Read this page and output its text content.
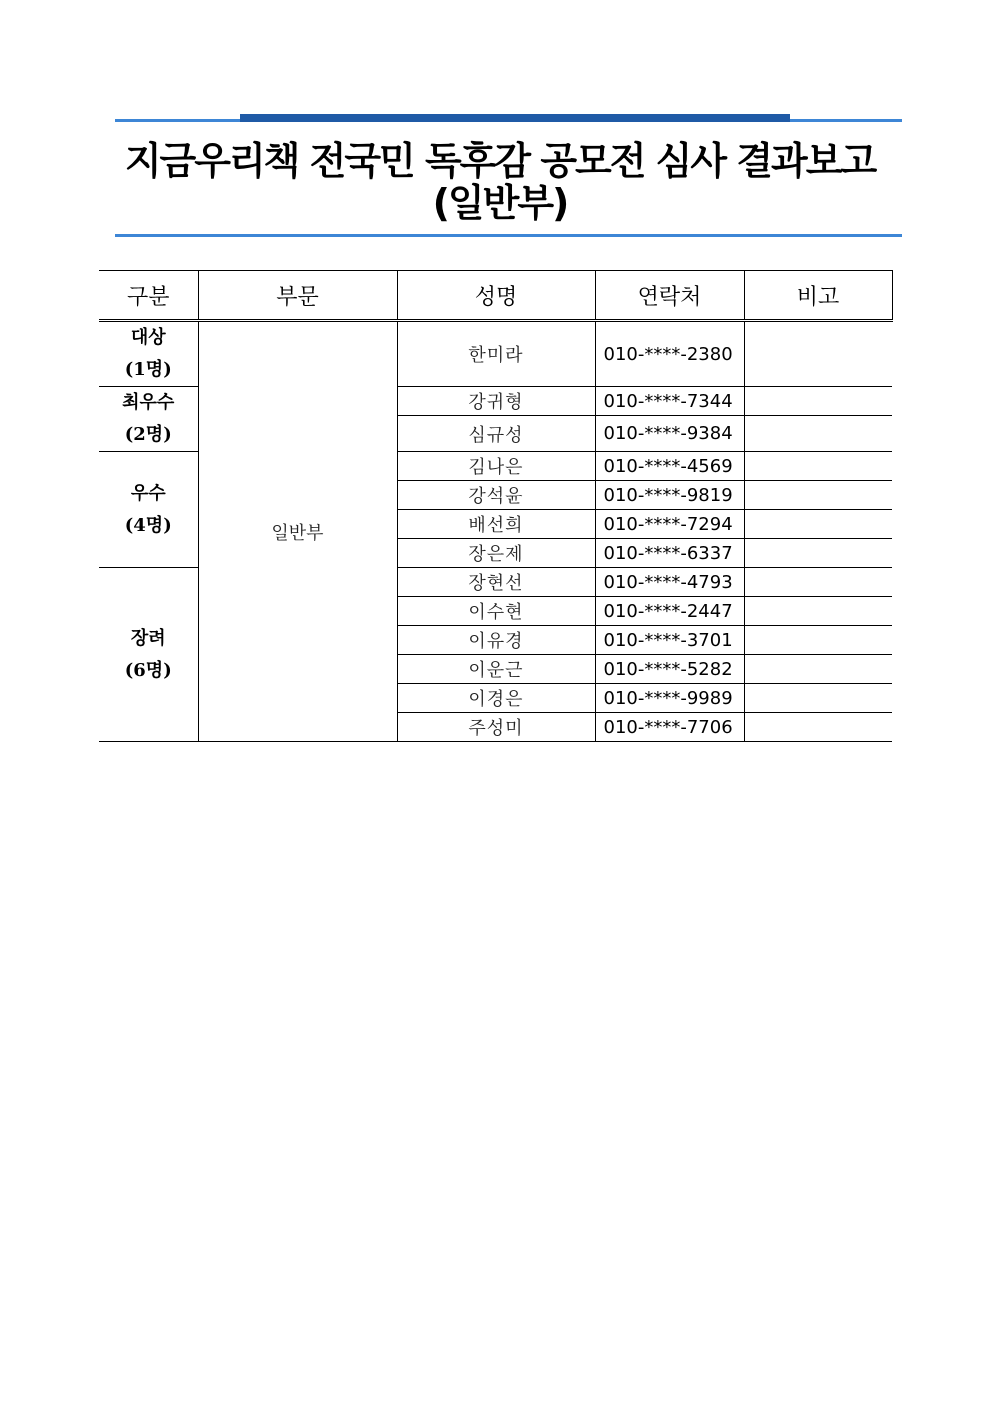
지금우리책 전국민 독후감 공모전 심사 결과보고
(일반부)
구분	부문	성명	연락처	비고

대상
(1명)	일반부	한미라	010-****-2380	

최우수
(2명)		강귀형	010-****-7344	
		심규성	010-****-9384	

우수
(4명)		김나은	010-****-4569	
		강석윤	010-****-9819	
		배선희	010-****-7294	
		장은제	010-****-6337	

장려
(6명)		장현선	010-****-4793	
		이수현	010-****-2447	
		이유경	010-****-3701	
		이운근	010-****-5282	
		이경은	010-****-9989	
		주성미	010-****-7706	
